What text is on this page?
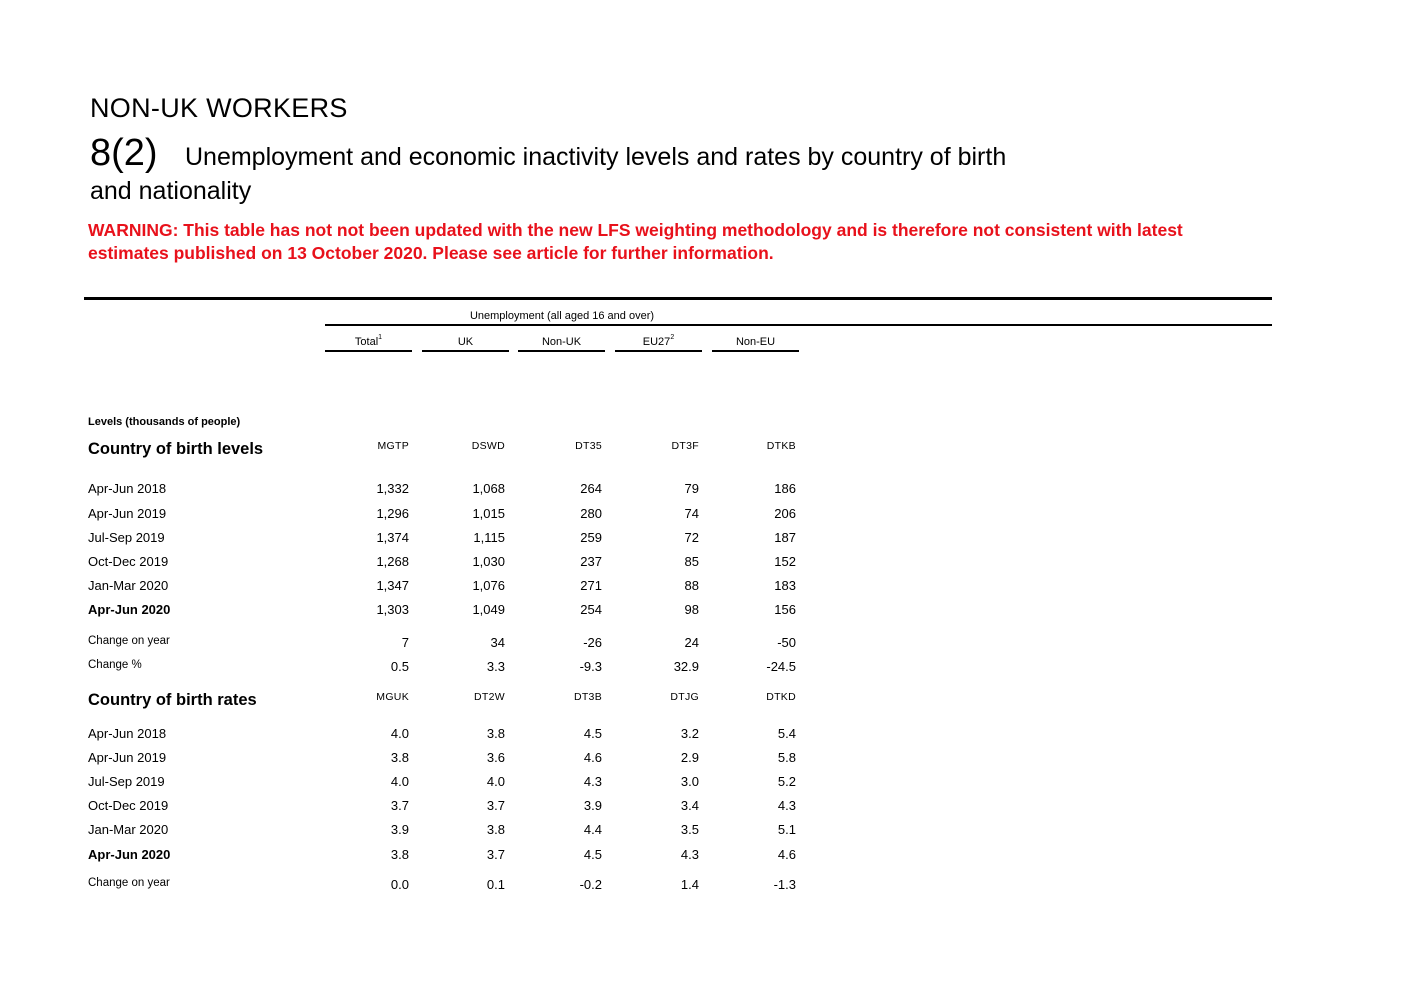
NON-UK WORKERS
8(2) Unemployment and economic inactivity levels and rates by country of birth
and nationality
WARNING: This table has not not been updated with the new LFS weighting methodology and is therefore not consistent with latest
estimates published on 13 October 2020. Please see article for further information.
Unemployment (all aged 16 and over)
Total$^1$	UK	Non-UK	$EU27^2$	Non-EU
Levels (thousands of people)
Country of birth levels	MGTP	DSWD	DT35	DT3F	DTKB
Apr-Jun 2018	1,332	1,068	264	79	186
Apr-Jun 2019	1,296	1,015	280	74	206
Jul-Sep 2019	1,374	1,115	259	72	187
Oct-Dec 2019	1,268	1,030	237	85	152
Jan-Mar 2020	1,347	1,076	271	88	183
Apr-Jun 2020	1,303	1,049	254	98	156
Change on year	7	34	-26	24	-50
Change %	0.5	3.3	-9.3	32.9	-24.5
Country of birth rates	MGUK	DT2W	DT3B	DTJG	DTKD
Apr-Jun 2018	4.0	3.8	4.5	3.2	5.4
Apr-Jun 2019	3.8	3.6	4.6	2.9	5.8
Jul-Sep 2019	4.0	4.0	4.3	3.0	5.2
Oct-Dec 2019	3.7	3.7	3.9	3.4	4.3
Jan-Mar 2020	3.9	3.8	4.4	3.5	5.1
Apr-Jun 2020	3.8	3.7	4.5	4.3	4.6
Change on year	0.0	0.1	-0.2	1.4	-1.3
